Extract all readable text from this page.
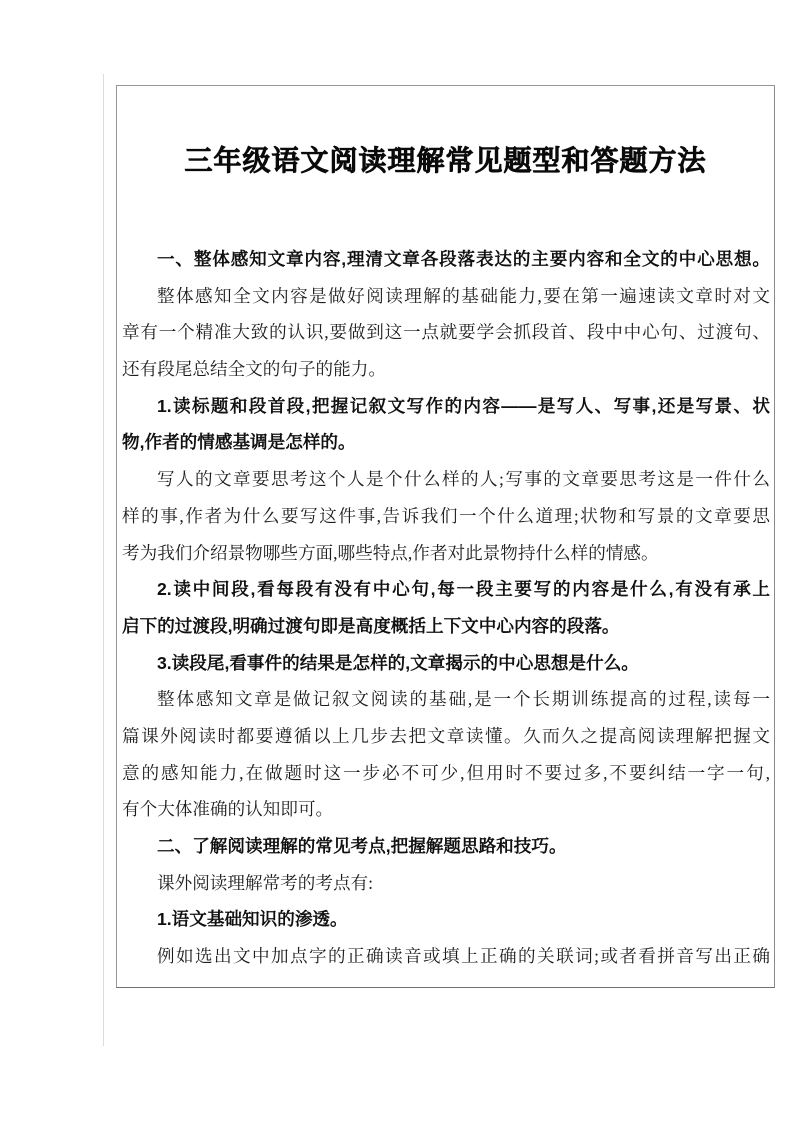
三年级语文阅读理解常见题型和答题方法
一、整体感知文章内容,理清文章各段落表达的主要内容和全文的中心思想。
整体感知全文内容是做好阅读理解的基础能力,要在第一遍速读文章时对文
章有一个精准大致的认识,要做到这一点就要学会抓段首、段中中心句、过渡句、
还有段尾总结全文的句子的能力。
1.读标题和段首段,把握记叙文写作的内容——是写人、写事,还是写景、状
物,作者的情感基调是怎样的。
写人的文章要思考这个人是个什么样的人;写事的文章要思考这是一件什么
样的事,作者为什么要写这件事,告诉我们一个什么道理;状物和写景的文章要思
考为我们介绍景物哪些方面,哪些特点,作者对此景物持什么样的情感。
2.读中间段,看每段有没有中心句,每一段主要写的内容是什么,有没有承上
启下的过渡段,明确过渡句即是高度概括上下文中心内容的段落。
3.读段尾,看事件的结果是怎样的,文章揭示的中心思想是什么。
整体感知文章是做记叙文阅读的基础,是一个长期训练提高的过程,读每一
篇课外阅读时都要遵循以上几步去把文章读懂。久而久之提高阅读理解把握文
意的感知能力,在做题时这一步必不可少,但用时不要过多,不要纠结一字一句,
有个大体准确的认知即可。
二、了解阅读理解的常见考点,把握解题思路和技巧。
课外阅读理解常考的考点有:
1.语文基础知识的渗透。
例如选出文中加点字的正确读音或填上正确的关联词;或者看拼音写出正确
